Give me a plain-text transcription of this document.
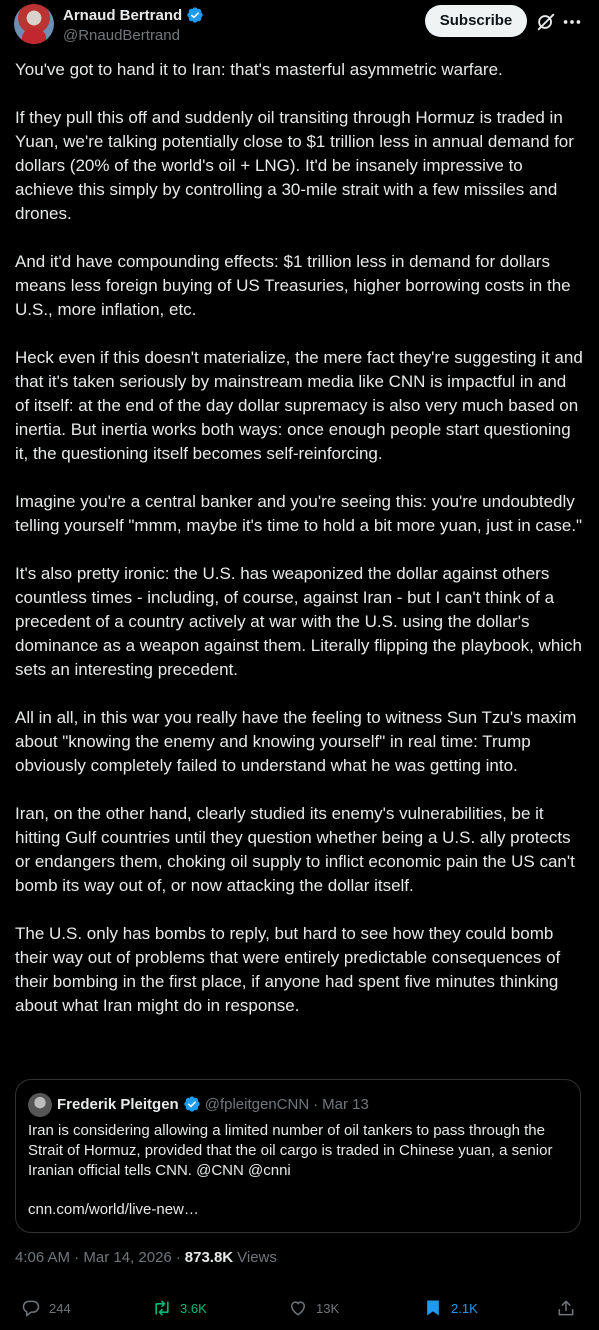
Arnaud Bertrand
@RnaudBertrand
Subscribe

You've got to hand it to Iran: that's masterful asymmetric warfare.

If they pull this off and suddenly oil transiting through Hormuz is traded in Yuan, we're talking potentially close to $1 trillion less in annual demand for dollars (20% of the world's oil + LNG). It'd be insanely impressive to achieve this simply by controlling a 30-mile strait with a few missiles and drones.

And it'd have compounding effects: $1 trillion less in demand for dollars means less foreign buying of US Treasuries, higher borrowing costs in the U.S., more inflation, etc.

Heck even if this doesn't materialize, the mere fact they're suggesting it and that it's taken seriously by mainstream media like CNN is impactful in and of itself: at the end of the day dollar supremacy is also very much based on inertia. But inertia works both ways: once enough people start questioning it, the questioning itself becomes self-reinforcing.

Imagine you're a central banker and you're seeing this: you're undoubtedly telling yourself "mmm, maybe it's time to hold a bit more yuan, just in case."

It's also pretty ironic: the U.S. has weaponized the dollar against others countless times - including, of course, against Iran - but I can't think of a precedent of a country actively at war with the U.S. using the dollar's dominance as a weapon against them. Literally flipping the playbook, which sets an interesting precedent.

All in all, in this war you really have the feeling to witness Sun Tzu's maxim about "knowing the enemy and knowing yourself" in real time: Trump obviously completely failed to understand what he was getting into.

Iran, on the other hand, clearly studied its enemy's vulnerabilities, be it hitting Gulf countries until they question whether being a U.S. ally protects or endangers them, choking oil supply to inflict economic pain the US can't bomb its way out of, or now attacking the dollar itself.

The U.S. only has bombs to reply, but hard to see how they could bomb their way out of problems that were entirely predictable consequences of their bombing in the first place, if anyone had spent five minutes thinking about what Iran might do in response.

Frederik Pleitgen @fpleitgenCNN · Mar 13
Iran is considering allowing a limited number of oil tankers to pass through the Strait of Hormuz, provided that the oil cargo is traded in Chinese yuan, a senior Iranian official tells CNN. @CNN @cnni
cnn.com/world/live-new…
4:06 AM · Mar 14, 2026 · 873.8K Views
244	3.6K	13K	2.1K
